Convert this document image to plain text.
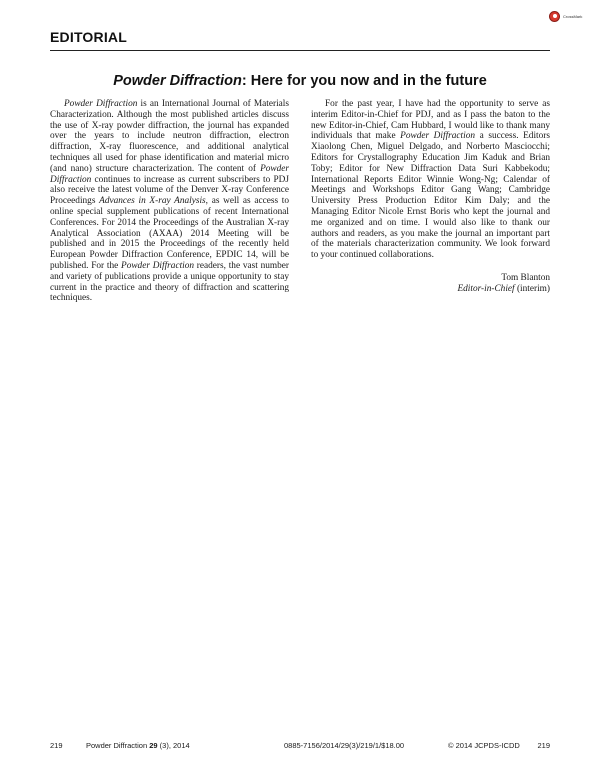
CrossMark
EDITORIAL
Powder Diffraction: Here for you now and in the future

Powder Diffraction is an International Journal of Materials Characterization. Although the most published articles discuss the use of X-ray powder diffraction, the journal has expanded over the years to include neutron diffraction, electron diffraction, X-ray fluorescence, and additional analytical techniques all used for phase identification and material micro (and nano) structure characterization. The content of Powder Diffraction continues to increase as current subscribers to PDJ also receive the latest volume of the Denver X-ray Conference Proceedings Advances in X-ray Analysis, as well as access to online special supplement publications of recent International Conferences. For 2014 the Proceedings of the Australian X-ray Analytical Association (AXAA) 2014 Meeting will be published and in 2015 the Proceedings of the recently held European Powder Diffraction Conference, EPDIC 14, will be published. For the Powder Diffraction readers, the vast number and variety of publications provide a unique opportunity to stay current in the practice and theory of diffraction and scattering techniques.

For the past year, I have had the opportunity to serve as interim Editor-in-Chief for PDJ, and as I pass the baton to the new Editor-in-Chief, Cam Hubbard, I would like to thank many individuals that make Powder Diffraction a success. Editors Xiaolong Chen, Miguel Delgado, and Norberto Masciocchi; Editors for Crystallography Education Jim Kaduk and Brian Toby; Editor for New Diffraction Data Suri Kabbekodu; International Reports Editor Winnie Wong-Ng; Calendar of Meetings and Workshops Editor Gang Wang; Cambridge University Press Production Editor Kim Daly; and the Managing Editor Nicole Ernst Boris who kept the journal and me organized and on time. I would also like to thank our authors and readers, as you make the journal an important part of the materials characterization community. We look forward to your continued collaborations.

Tom Blanton
Editor-in-Chief (interim)
219	Powder Diffraction 29 (3), 2014	0885-7156/2014/29(3)/219/1/$18.00	© 2014 JCPDS-ICDD 219
